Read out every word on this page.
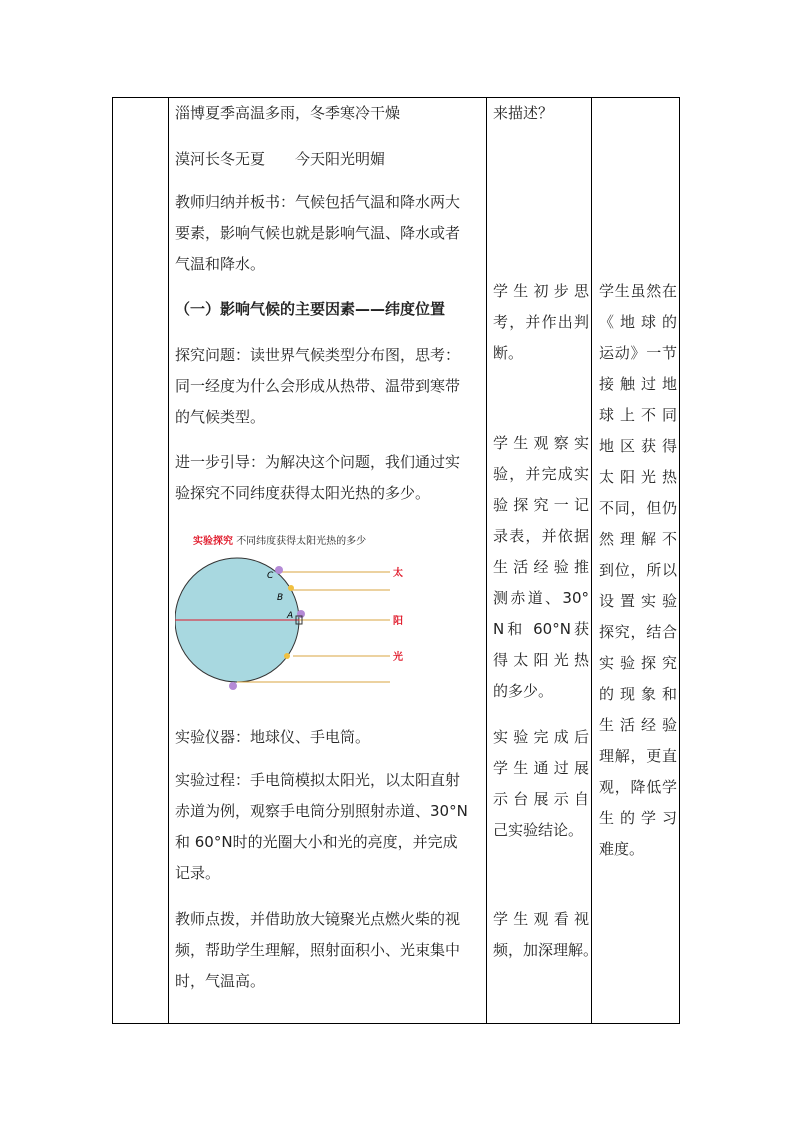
淄博夏季高温多雨，冬季寒冷干燥

漠河长冬无夏 今天阳光明媚

教师归纳并板书：气候包括气温和降水两大
要素，影响气候也就是影响气温、降水或者
气温和降水。

（一）影响气候的主要因素——纬度位置

探究问题：读世界气候类型分布图，思考：
同一经度为什么会形成从热带、温带到寒带
的气候类型。
进一步引导：为解决这个问题，我们通过实
验探究不同纬度获得太阳光热的多少。
实验探究 不同纬度获得太阳光热的多少
C
B
A
太
阳
光

实验仪器：地球仪、手电筒。

实验过程：手电筒模拟太阳光，以太阳直射
赤道为例，观察手电筒分别照射赤道、30°N
和 60°N时的光圈大小和光的亮度，并完成
记录。
教师点拨，并借助放大镜聚光点燃火柴的视
频，帮助学生理解，照射面积小、光束集中
时，气温高。

来描述？

学生初步思
考，并作出判
断。
学生观察实
验，并完成实
验探究一记
录表，并依据
生活经验推
测赤道、30°
N和 60°N获
得太阳光热
的多少。
实验完成后
学生通过展
示台展示自
己实验结论。
学生观看视
频，加深理解。
学生虽然在
《地球的
运动》一节
接触过地
球上不同
地区获得
太阳光热
不同，但仍
然理解不
到位，所以
设置实验
探究，结合
实验探究
的现象和
生活经验
理解，更直
观，降低学
生的学习
难度。
